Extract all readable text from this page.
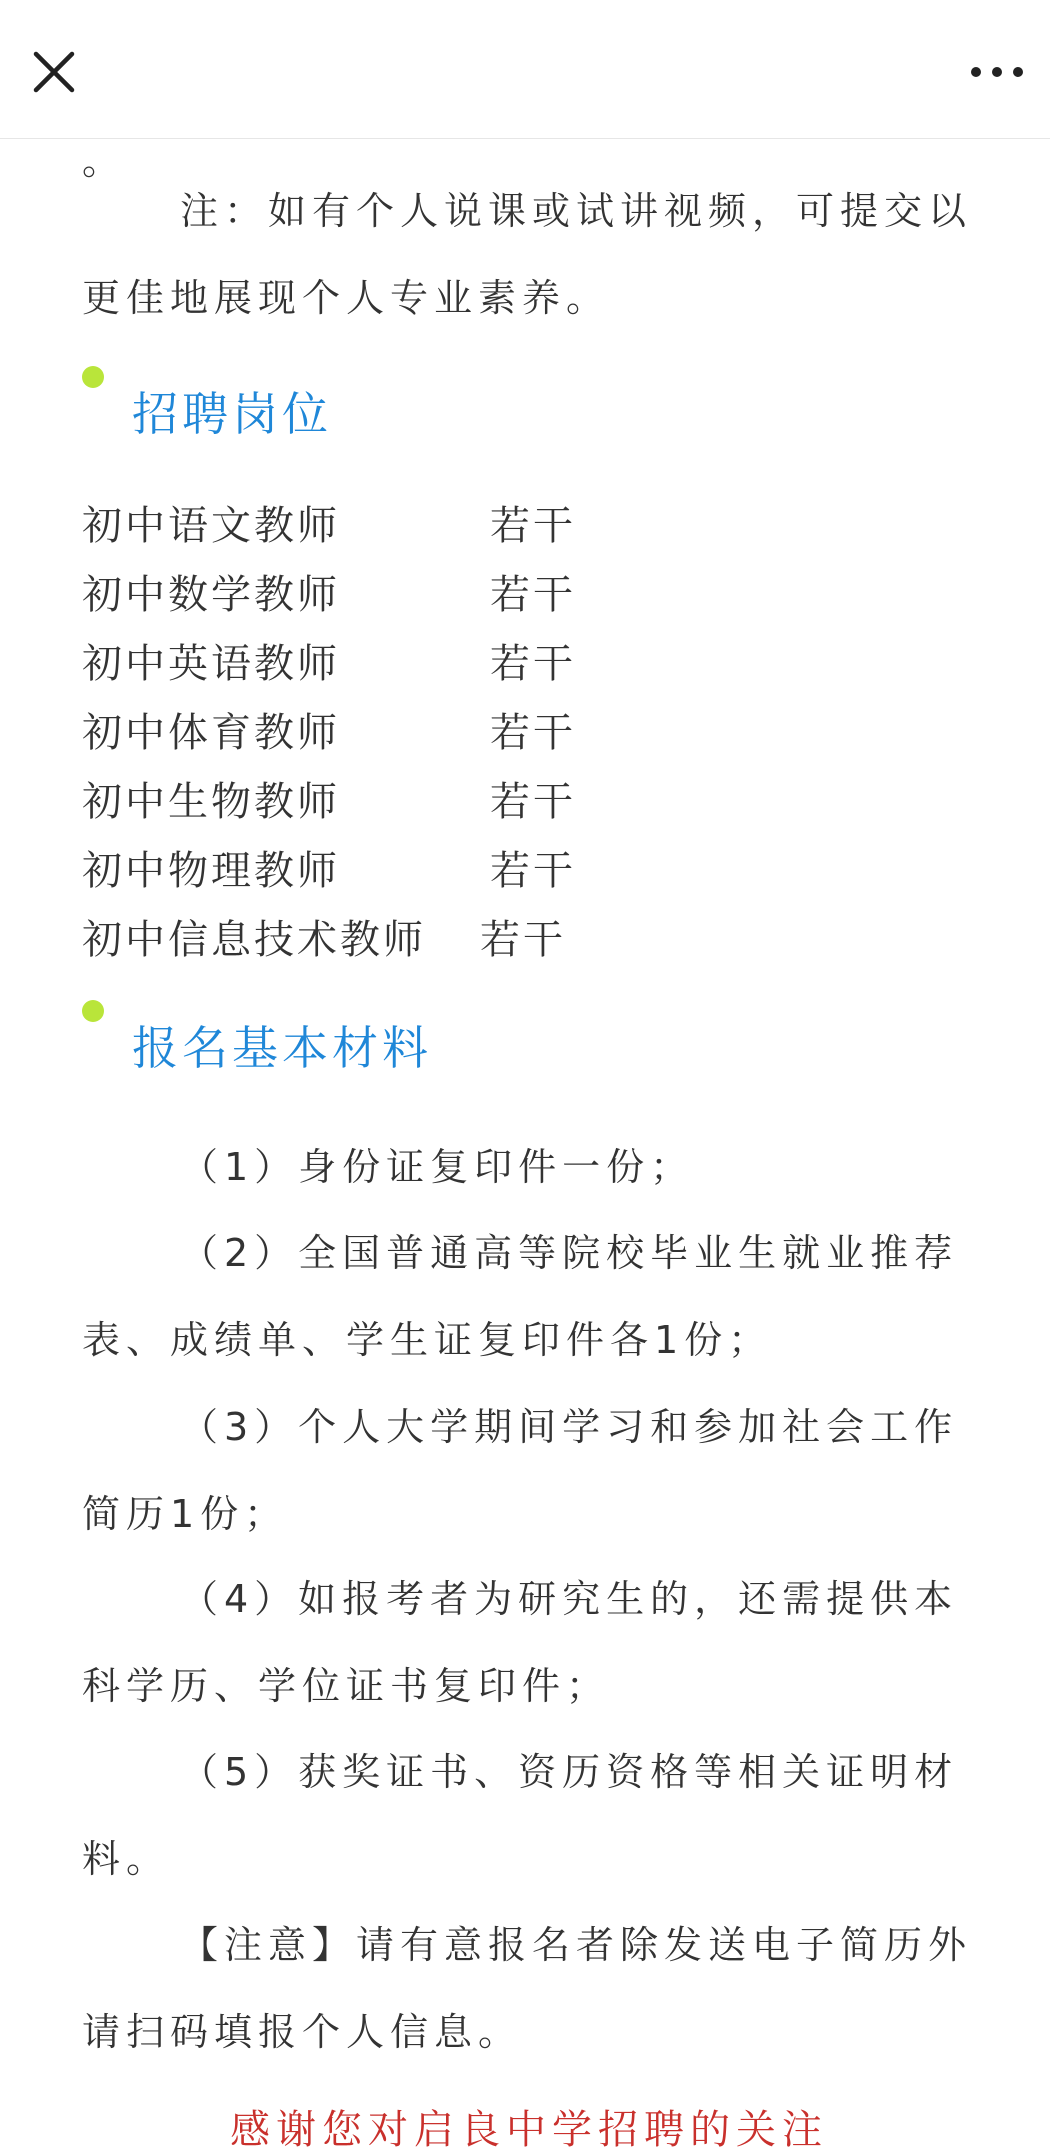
。

注：如有个人说课或试讲视频，可提交以更佳地展现个人专业素养。

招聘岗位
初中语文教师	若干
初中数学教师	若干
初中英语教师	若干
初中体育教师	若干
初中生物教师	若干
初中物理教师	若干
初中信息技术教师 若干
报名基本材料

（1）身份证复印件一份；

（2）全国普通高等院校毕业生就业推荐表、成绩单、学生证复印件各1份；

（3）个人大学期间学习和参加社会工作简历1份；

（4）如报考者为研究生的，还需提供本科学历、学位证书复印件；

（5）获奖证书、资历资格等相关证明材料。

【注意】请有意报名者除发送电子简历外请扫码填报个人信息。

感谢您对启良中学招聘的关注
